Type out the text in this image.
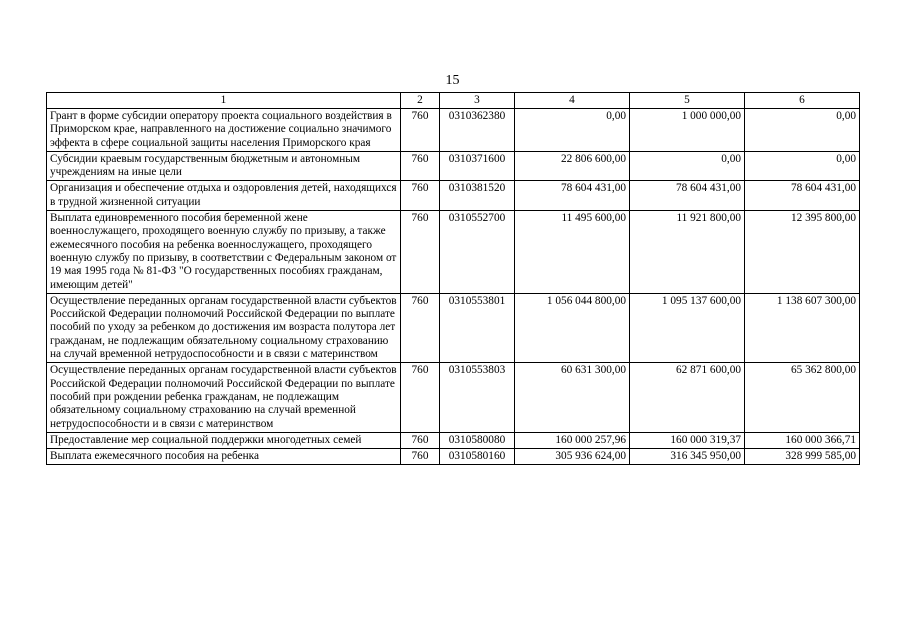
15
1	2	3	4	5	6
Грант в форме субсидии оператору проекта социального воздействия в Приморском крае, направленного на достижение социально значимого эффекта в сфере социальной защиты населения Приморского края	760	0310362380	0,00	1 000 000,00	0,00
Субсидии краевым государственным бюджетным и автономным учреждениям на иные цели	760	0310371600	22 806 600,00	0,00	0,00
Организация и обеспечение отдыха и оздоровления детей, находящихся в трудной жизненной ситуации	760	0310381520	78 604 431,00	78 604 431,00	78 604 431,00
Выплата единовременного пособия беременной жене военнослужащего, проходящего военную службу по призыву, а также ежемесячного пособия на ребенка военнослужащего, проходящего военную службу по призыву, в соответствии с Федеральным законом от 19 мая 1995 года № 81-ФЗ "О государственных пособиях гражданам, имеющим детей"	760	0310552700	11 495 600,00	11 921 800,00	12 395 800,00
Осуществление переданных органам государственной власти субъектов Российской Федерации полномочий Российской Федерации по выплате пособий по уходу за ребенком до достижения им возраста полутора лет гражданам, не подлежащим обязательному социальному страхованию на случай временной нетрудоспособности и в связи с материнством	760	0310553801	1 056 044 800,00	1 095 137 600,00	1 138 607 300,00
Осуществление переданных органам государственной власти субъектов Российской Федерации полномочий Российской Федерации по выплате пособий при рождении ребенка гражданам, не подлежащим обязательному социальному страхованию на случай временной нетрудоспособности и в связи с материнством	760	0310553803	60 631 300,00	62 871 600,00	65 362 800,00
Предоставление мер социальной поддержки многодетных семей	760	0310580080	160 000 257,96	160 000 319,37	160 000 366,71
Выплата ежемесячного пособия на ребенка	760	0310580160	305 936 624,00	316 345 950,00	328 999 585,00
